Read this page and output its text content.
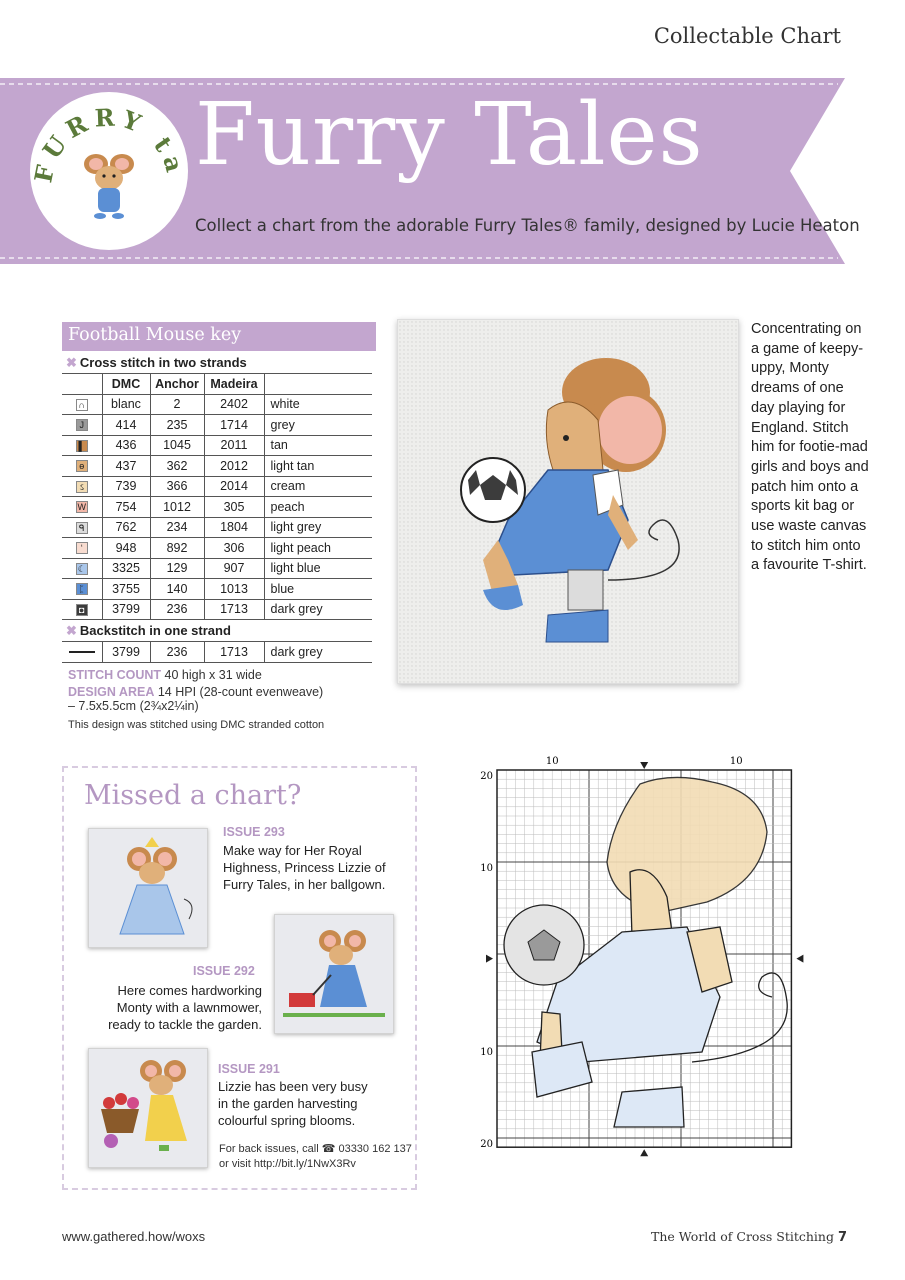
Collectable Chart
FURRY ta Furry Tales
Collect a chart from the adorable Furry Tales® family, designed by Lucie Heaton
Football Mouse key
✖ Cross stitch in two strands
	DMC	Anchor	Madeira	
∩	blanc	2	2402	white
J	414	235	1714	grey
▌	436	1045	2011	tan
ɵ	437	362	2012	light tan
ઽ	739	366	2014	cream
W	754	1012	305	peach
ᑫ	762	234	1804	light grey
ʻ	948	892	306	light peach
☾	3325	129	907	light blue
ᛈ	3755	140	1013	blue
◘	3799	236	1713	dark grey
✖ Backstitch in one strand
	3799	236	1713	dark grey
STITCH COUNT 40 high x 31 wide
DESIGN AREA 14 HPI (28-count evenweave)
– 7.5x5.5cm (2¾x2¼in)
This design was stitched using DMC stranded cotton
Concentrating on a game of keepy-uppy, Monty dreams of one day playing for England. Stitch him for footie-mad girls and boys and patch him onto a sports kit bag or use waste canvas to stitch him onto a favourite T-shirt.
Missed a chart?
ISSUE 293
Make way for Her Royal
Highness, Princess Lizzie of
Furry Tales, in her ballgown.
ISSUE 292
Here comes hardworking
Monty with a lawnmower,
ready to tackle the garden.
ISSUE 291
Lizzie has been very busy
in the garden harvesting
colourful spring blooms.
For back issues, call ☎ 03330 162 137
or visit http://bit.ly/1NwX3Rv
10	10
20
10
10
20
www.gathered.how/woxs	The World of Cross Stitching 7
